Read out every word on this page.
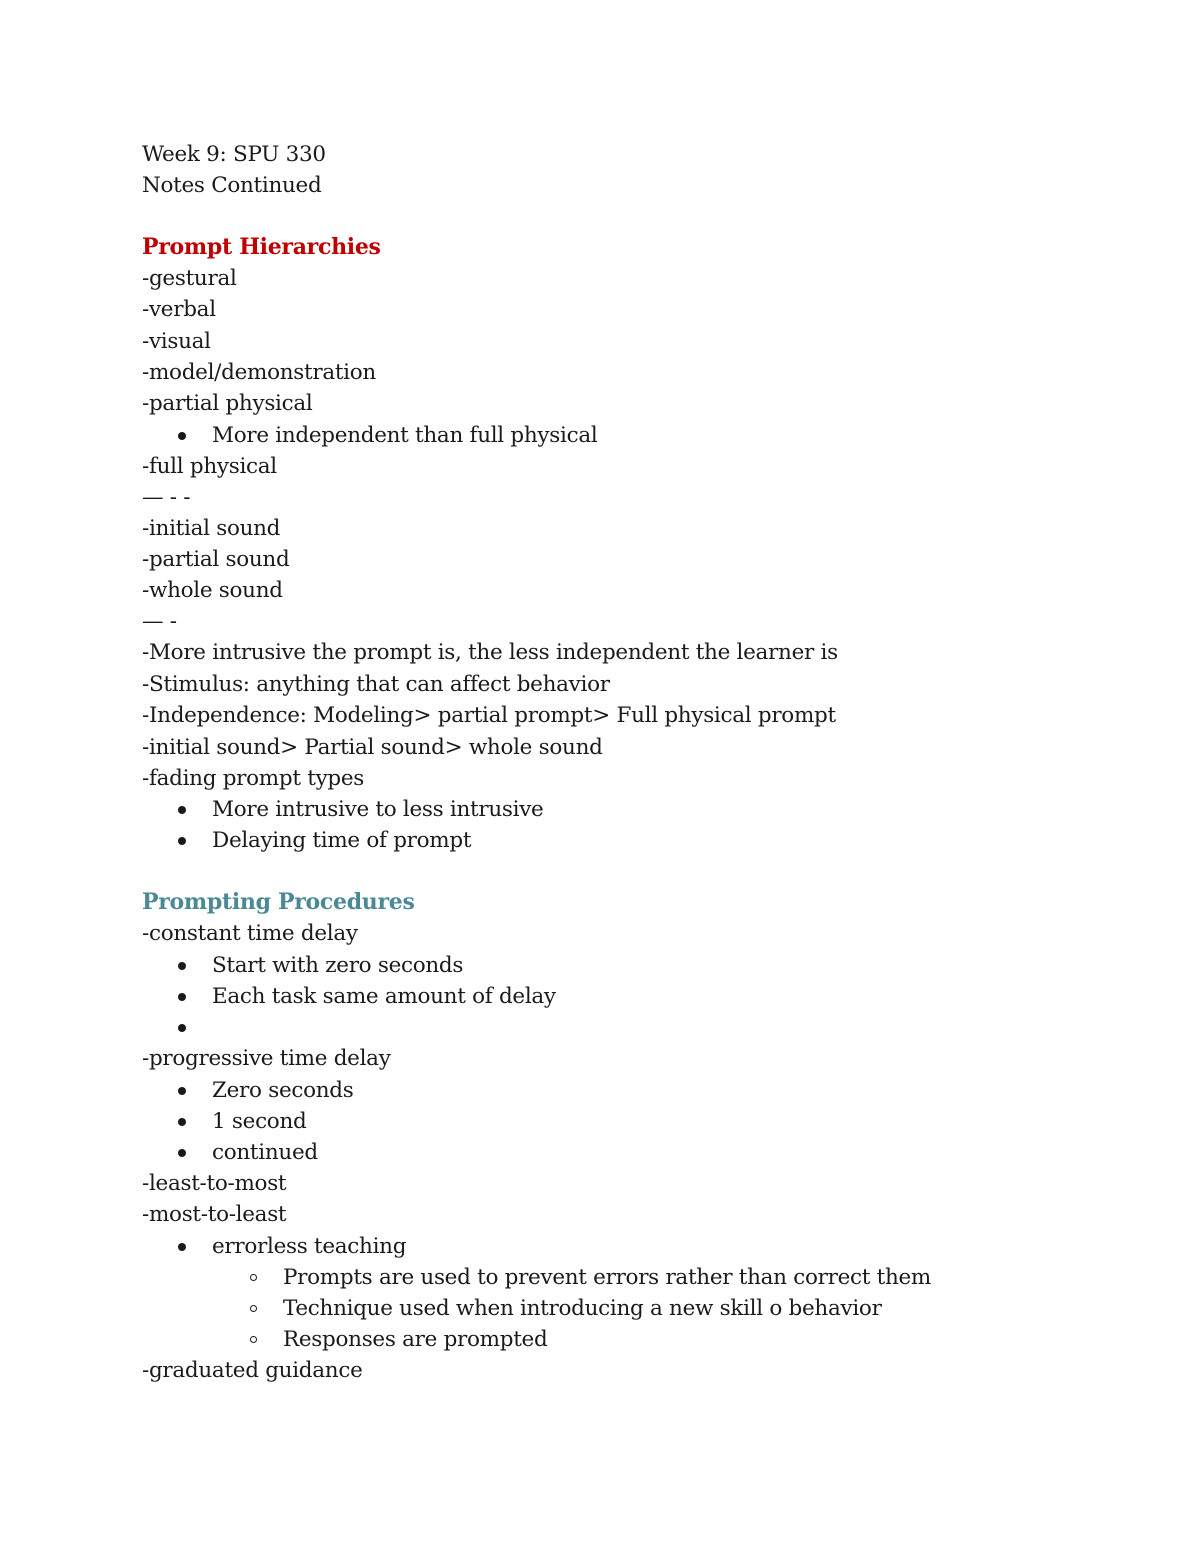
Week 9: SPU 330
Notes Continued
Prompt Hierarchies
-gestural
-verbal
-visual
-model/demonstration
-partial physical
More independent than full physical
-full physical
— - -
-initial sound
-partial sound
-whole sound
— -
-More intrusive the prompt is, the less independent the learner is
-Stimulus: anything that can affect behavior
-Independence: Modeling> partial prompt> Full physical prompt
-initial sound> Partial sound> whole sound
-fading prompt types
More intrusive to less intrusive
Delaying time of prompt
Prompting Procedures
-constant time delay
Start with zero seconds
Each task same amount of delay
-progressive time delay
Zero seconds
1 second
continued
-least-to-most
-most-to-least
errorless teaching
Prompts are used to prevent errors rather than correct them
Technique used when introducing a new skill o behavior
Responses are prompted
-graduated guidance
